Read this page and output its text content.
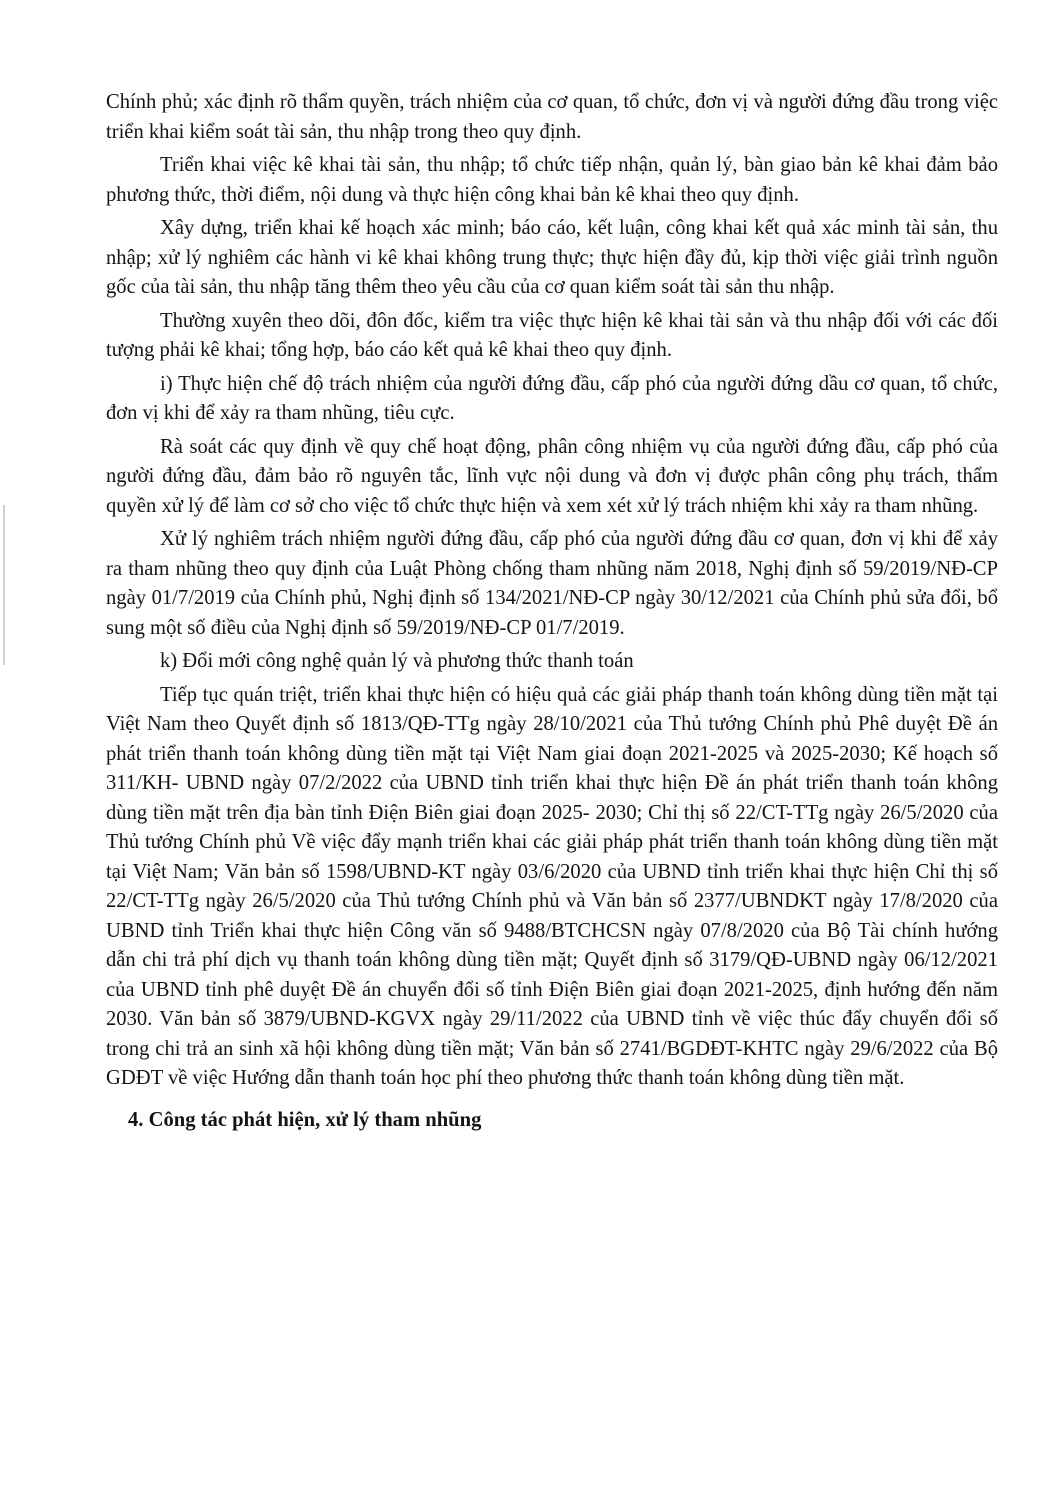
Chính phủ; xác định rõ thẩm quyền, trách nhiệm của cơ quan, tổ chức, đơn vị và người đứng đầu trong việc triển khai kiểm soát tài sản, thu nhập trong theo quy định.

Triển khai việc kê khai tài sản, thu nhập; tổ chức tiếp nhận, quản lý, bàn giao bản kê khai đảm bảo phương thức, thời điểm, nội dung và thực hiện công khai bản kê khai theo quy định.

Xây dựng, triển khai kế hoạch xác minh; báo cáo, kết luận, công khai kết quả xác minh tài sản, thu nhập; xử lý nghiêm các hành vi kê khai không trung thực; thực hiện đầy đủ, kịp thời việc giải trình nguồn gốc của tài sản, thu nhập tăng thêm theo yêu cầu của cơ quan kiểm soát tài sản thu nhập.

Thường xuyên theo dõi, đôn đốc, kiểm tra việc thực hiện kê khai tài sản và thu nhập đối với các đối tượng phải kê khai; tổng hợp, báo cáo kết quả kê khai theo quy định.

i) Thực hiện chế độ trách nhiệm của người đứng đầu, cấp phó của người đứng dầu cơ quan, tổ chức, đơn vị khi để xảy ra tham nhũng, tiêu cực.

Rà soát các quy định về quy chế hoạt động, phân công nhiệm vụ của người đứng đầu, cấp phó của người đứng đầu, đảm bảo rõ nguyên tắc, lĩnh vực nội dung và đơn vị được phân công phụ trách, thẩm quyền xử lý để làm cơ sở cho việc tổ chức thực hiện và xem xét xử lý trách nhiệm khi xảy ra tham nhũng.

Xử lý nghiêm trách nhiệm người đứng đầu, cấp phó của người đứng đầu cơ quan, đơn vị khi để xảy ra tham nhũng theo quy định của Luật Phòng chống tham nhũng năm 2018, Nghị định số 59/2019/NĐ-CP ngày 01/7/2019 của Chính phủ, Nghị định số 134/2021/NĐ-CP ngày 30/12/2021 của Chính phủ sửa đổi, bổ sung một số điều của Nghị định số 59/2019/NĐ-CP 01/7/2019.

k) Đổi mới công nghệ quản lý và phương thức thanh toán

Tiếp tục quán triệt, triển khai thực hiện có hiệu quả các giải pháp thanh toán không dùng tiền mặt tại Việt Nam theo Quyết định số 1813/QĐ-TTg ngày 28/10/2021 của Thủ tướng Chính phủ Phê duyệt Đề án phát triển thanh toán không dùng tiền mặt tại Việt Nam giai đoạn 2021-2025 và 2025-2030; Kế hoạch số 311/KH- UBND ngày 07/2/2022 của UBND tỉnh triển khai thực hiện Đề án phát triển thanh toán không dùng tiền mặt trên địa bàn tỉnh Điện Biên giai đoạn 2025- 2030; Chỉ thị số 22/CT-TTg ngày 26/5/2020 của Thủ tướng Chính phủ Về việc đẩy mạnh triển khai các giải pháp phát triển thanh toán không dùng tiền mặt tại Việt Nam; Văn bản số 1598/UBND-KT ngày 03/6/2020 của UBND tỉnh triển khai thực hiện Chỉ thị số 22/CT-TTg ngày 26/5/2020 của Thủ tướng Chính phủ và Văn bản số 2377/UBNDKT ngày 17/8/2020 của UBND tỉnh Triển khai thực hiện Công văn số 9488/BTCHCSN ngày 07/8/2020 của Bộ Tài chính hướng dẫn chi trả phí dịch vụ thanh toán không dùng tiền mặt; Quyết định số 3179/QĐ-UBND ngày 06/12/2021 của UBND tỉnh phê duyệt Đề án chuyển đổi số tỉnh Điện Biên giai đoạn 2021-2025, định hướng đến năm 2030. Văn bản số 3879/UBND-KGVX ngày 29/11/2022 của UBND tỉnh về việc thúc đẩy chuyển đổi số trong chi trả an sinh xã hội không dùng tiền mặt; Văn bản số 2741/BGDĐT-KHTC ngày 29/6/2022 của Bộ GDĐT về việc Hướng dẫn thanh toán học phí theo phương thức thanh toán không dùng tiền mặt.

4. Công tác phát hiện, xử lý tham nhũng
